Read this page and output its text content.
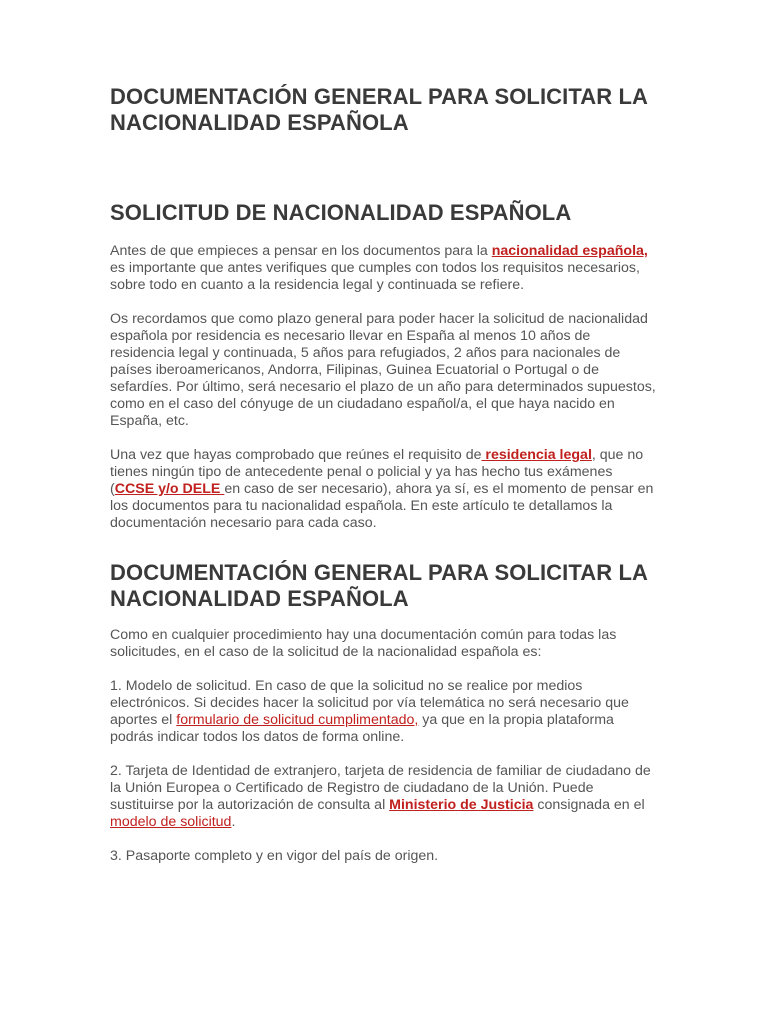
DOCUMENTACIÓN GENERAL PARA SOLICITAR LA NACIONALIDAD ESPAÑOLA
SOLICITUD DE NACIONALIDAD ESPAÑOLA

Antes de que empieces a pensar en los documentos para la nacionalidad española, es importante que antes verifiques que cumples con todos los requisitos necesarios, sobre todo en cuanto a la residencia legal y continuada se refiere.

Os recordamos que como plazo general para poder hacer la solicitud de nacionalidad española por residencia es necesario llevar en España al menos 10 años de residencia legal y continuada, 5 años para refugiados, 2 años para nacionales de países iberoamericanos, Andorra, Filipinas, Guinea Ecuatorial o Portugal o de sefardíes. Por último, será necesario el plazo de un año para determinados supuestos, como en el caso del cónyuge de un ciudadano español/a, el que haya nacido en España, etc.

Una vez que hayas comprobado que reúnes el requisito de residencia legal, que no tienes ningún tipo de antecedente penal o policial y ya has hecho tus exámenes (CCSE y/o DELE en caso de ser necesario), ahora ya sí, es el momento de pensar en los documentos para tu nacionalidad española. En este artículo te detallamos la documentación necesario para cada caso.

DOCUMENTACIÓN GENERAL PARA SOLICITAR LA NACIONALIDAD ESPAÑOLA

Como en cualquier procedimiento hay una documentación común para todas las solicitudes, en el caso de la solicitud de la nacionalidad española es:

1. Modelo de solicitud. En caso de que la solicitud no se realice por medios electrónicos. Si decides hacer la solicitud por vía telemática no será necesario que aportes el formulario de solicitud cumplimentado, ya que en la propia plataforma podrás indicar todos los datos de forma online.

2. Tarjeta de Identidad de extranjero, tarjeta de residencia de familiar de ciudadano de la Unión Europea o Certificado de Registro de ciudadano de la Unión. Puede sustituirse por la autorización de consulta al Ministerio de Justicia consignada en el modelo de solicitud.

3. Pasaporte completo y en vigor del país de origen.
